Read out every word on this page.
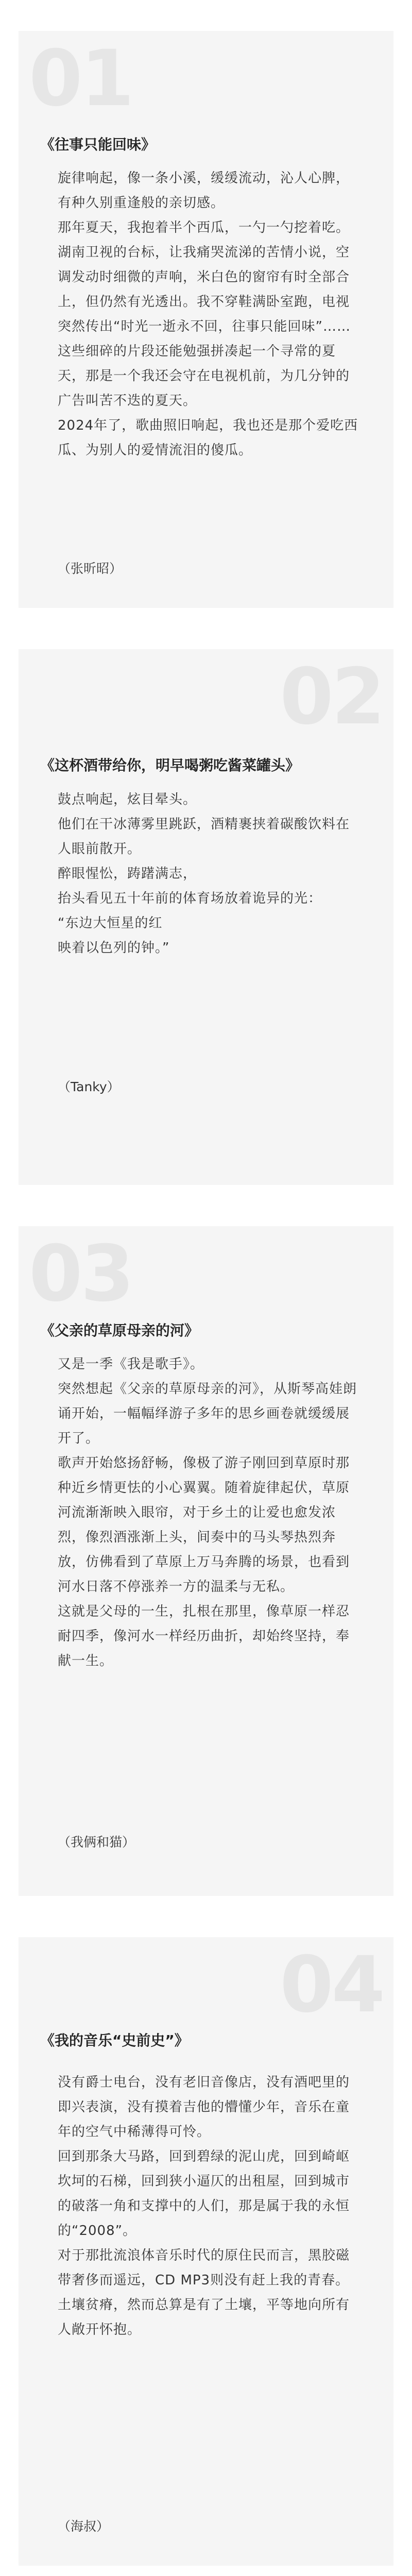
01
《往事只能回味》

旋律响起，像一条小溪，缓缓流动，沁人心脾，有种久别重逢般的亲切感。

那年夏天，我抱着半个西瓜，一勺一勺挖着吃。湖南卫视的台标，让我痛哭流涕的苦情小说，空调发动时细微的声响，米白色的窗帘有时全部合上，但仍然有光透出。我不穿鞋满卧室跑，电视突然传出“时光一逝永不回，往事只能回味”……

这些细碎的片段还能勉强拼凑起一个寻常的夏天，那是一个我还会守在电视机前，为几分钟的广告叫苦不迭的夏天。

2024年了，歌曲照旧响起，我也还是那个爱吃西瓜、为别人的爱情流泪的傻瓜。

（张昕昭）
02
《这杯酒带给你，明早喝粥吃酱菜罐头》

鼓点响起，炫目晕头。

他们在干冰薄雾里跳跃，酒精裹挟着碳酸饮料在人眼前散开。

醉眼惺忪，踌躇满志，

抬头看见五十年前的体育场放着诡异的光：

“东边大恒星的红
映着以色列的钟。”

（Tanky）
03
《父亲的草原母亲的河》

又是一季《我是歌手》。

突然想起《父亲的草原母亲的河》，从斯琴高娃朗诵开始，一幅幅绎游子多年的思乡画卷就缓缓展开了。

歌声开始悠扬舒畅，像极了游子刚回到草原时那种近乡情更怯的小心翼翼。随着旋律起伏，草原河流渐渐映入眼帘，对于乡土的让爱也愈发浓烈，像烈酒涨渐上头，间奏中的马头琴热烈奔放，仿佛看到了草原上万马奔腾的场景，也看到河水日落不停涨养一方的温柔与无私。

这就是父母的一生，扎根在那里，像草原一样忍耐四季，像河水一样经历曲折，却始终坚持，奉献一生。

（我俩和猫）
04
《我的音乐“史前史”》

没有爵士电台，没有老旧音像店，没有酒吧里的即兴表演，没有摸着吉他的懵懂少年，音乐在童年的空气中稀薄得可怜。

回到那条大马路，回到碧绿的泥山虎，回到崎岖坎坷的石梯，回到狭小逼仄的出租屋，回到城市的破落一角和支撑中的人们，那是属于我的永恒的“2008”。

对于那批流浪体音乐时代的原住民而言，黑胶磁带奢侈而遥远，CD MP3则没有赶上我的青春。

土壤贫瘠，然而总算是有了土壤，平等地向所有人敞开怀抱。

（海叔）
